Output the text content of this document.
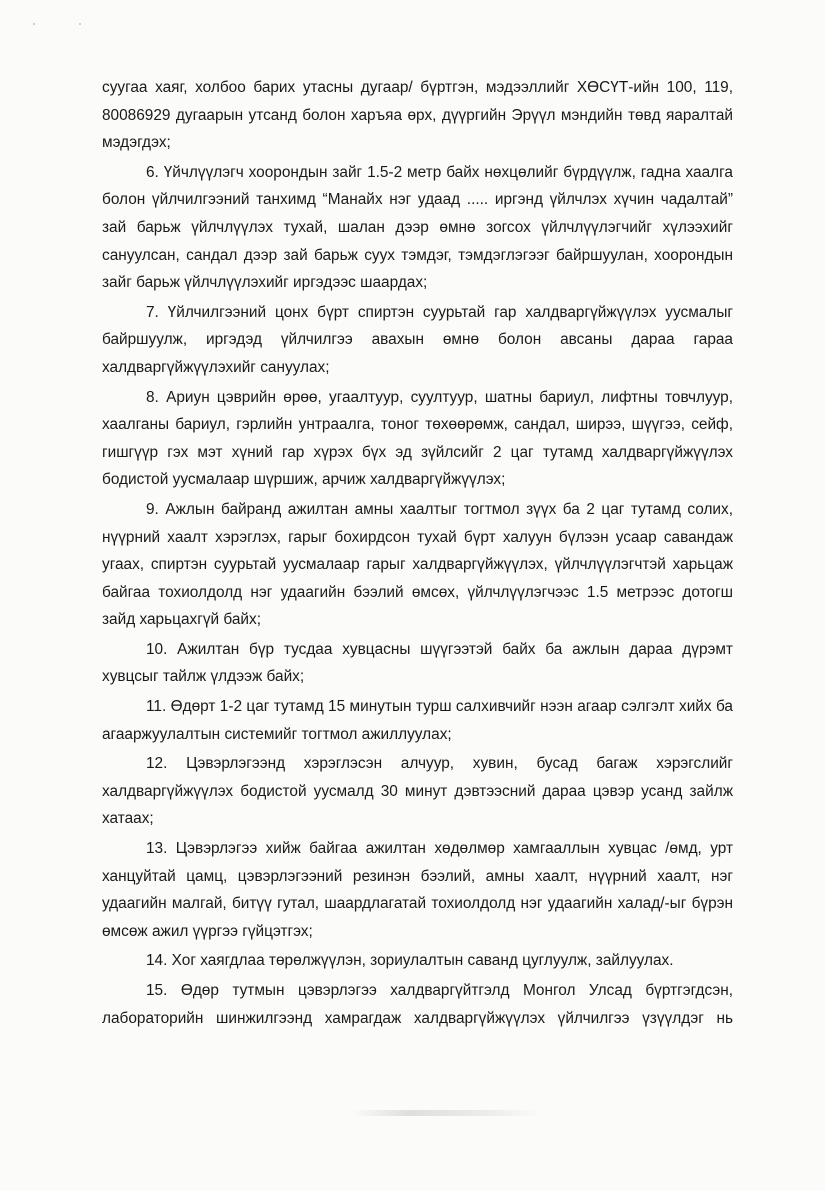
суугаа хаяг, холбоо барих утасны дугаар/ бүртгэн, мэдээллийг ХӨСҮТ-ийн 100, 119, 80086929 дугаарын утсанд болон харъяа өрх, дүүргийн Эрүүл мэндийн төвд яаралтай мэдэгдэх;

6. Үйчлүүлэгч хоорондын зайг 1.5-2 метр байх нөхцөлийг бүрдүүлж, гадна хаалга болон үйлчилгээний танхимд “Манайх нэг удаад ..... иргэнд үйлчлэх хүчин чадалтай” зай барьж үйлчлүүлэх тухай, шалан дээр өмнө зогсох үйлчлүүлэгчийг хүлээхийг сануулсан, сандал дээр зай барьж суух тэмдэг, тэмдэглэгээг байршуулан, хоорондын зайг барьж үйлчлүүлэхийг иргэдээс шаардах;

7. Үйлчилгээний цонх бүрт спиртэн суурьтай гар халдваргүйжүүлэх уусмалыг байршуулж, иргэдэд үйлчилгээ авахын өмнө болон авсаны дараа гараа халдваргүйжүүлэхийг сануулах;

8. Ариун цэврийн өрөө, угаалтуур, суултуур, шатны бариул, лифтны товчлуур, хаалганы бариул, гэрлийн унтраалга, тоног төхөөрөмж, сандал, ширээ, шүүгээ, сейф, гишгүүр гэх мэт хүний гар хүрэх бүх эд зүйлсийг 2 цаг тутамд халдваргүйжүүлэх бодистой уусмалаар шүршиж, арчиж халдваргүйжүүлэх;

9. Ажлын байранд ажилтан амны хаалтыг тогтмол зүүх ба 2 цаг тутамд солих, нүүрний хаалт хэрэглэх, гарыг бохирдсон тухай бүрт халуун бүлээн усаар савандаж угаах, спиртэн суурьтай уусмалаар гарыг халдваргүйжүүлэх, үйлчлүүлэгчтэй харьцаж байгаа тохиолдолд нэг удаагийн бээлий өмсөх, үйлчлүүлэгчээс 1.5 метрээс дотогш зайд харьцахгүй байх;

10. Ажилтан бүр тусдаа хувцасны шүүгээтэй байх ба ажлын дараа дүрэмт хувцсыг тайлж үлдээж байх;

11. Өдөрт 1-2 цаг тутамд 15 минутын турш салхивчийг нээн агаар сэлгэлт хийх ба агааржуулалтын системийг тогтмол ажиллуулах;

12. Цэвэрлэгээнд хэрэглэсэн алчуур, хувин, бусад багаж хэрэгслийг халдваргүйжүүлэх бодистой уусмалд 30 минут дэвтээсний дараа цэвэр усанд зайлж хатаах;

13. Цэвэрлэгээ хийж байгаа ажилтан хөдөлмөр хамгааллын хувцас /өмд, урт ханцуйтай цамц, цэвэрлэгээний резинэн бээлий, амны хаалт, нүүрний хаалт, нэг удаагийн малгай, битүү гутал, шаардлагатай тохиолдолд нэг удаагийн халад/-ыг бүрэн өмсөж ажил үүргээ гүйцэтгэх;

14. Хог хаягдлаа төрөлжүүлэн, зориулалтын саванд цуглуулж, зайлуулах.

15. Өдөр тутмын цэвэрлэгээ халдваргүйтгэлд Монгол Улсад бүртгэгдсэн, лабораторийн шинжилгээнд хамрагдаж халдваргүйжүүлэх үйлчилгээ үзүүлдэг нь
